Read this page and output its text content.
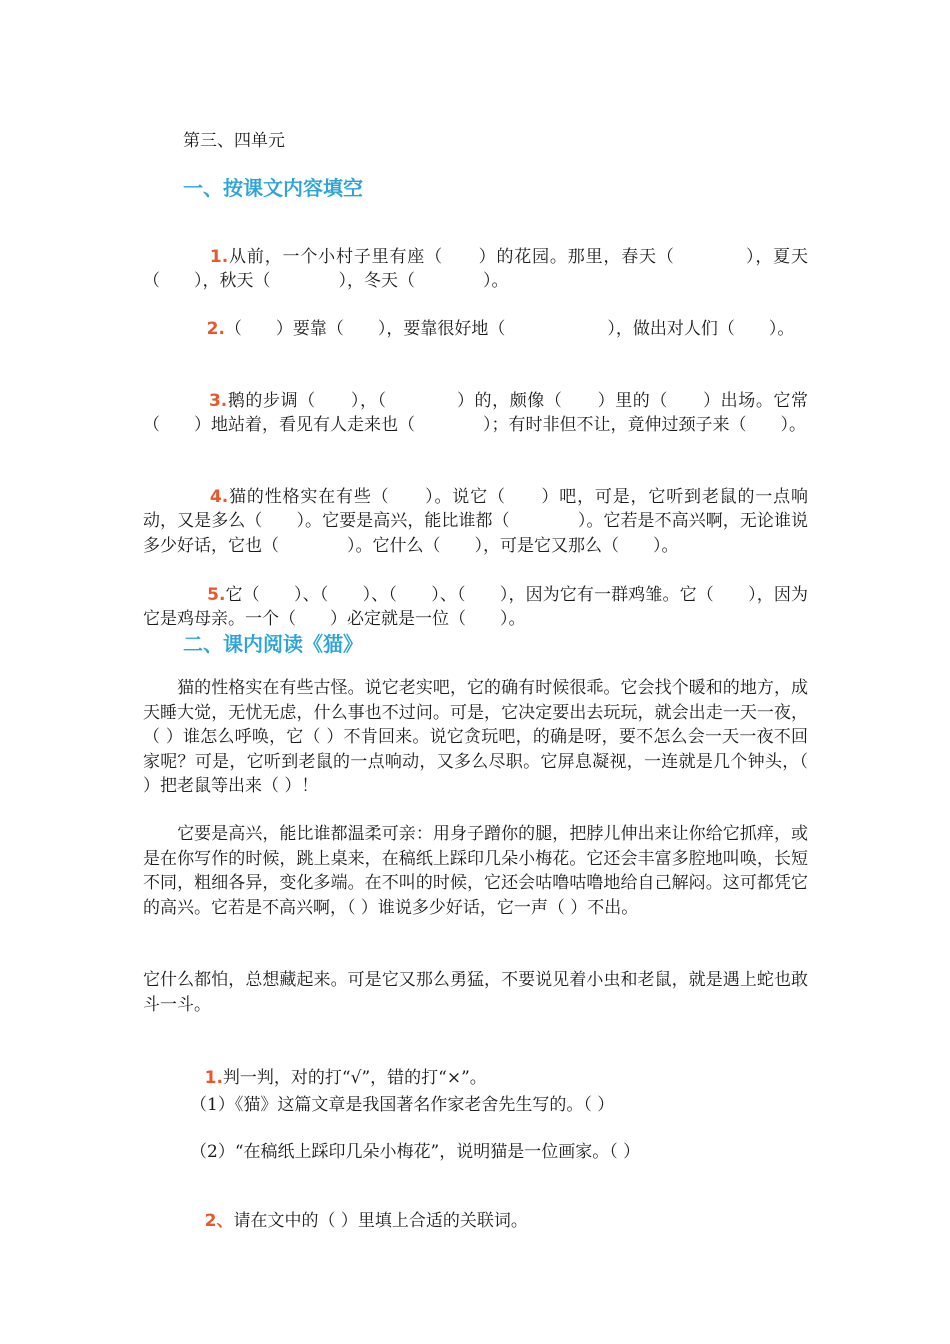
第三、四单元
一、按课文内容填空

1.从前，一个小村子里有座（　　）的花园。那里，春天（　　　　），夏天（　　），秋天（　　　　），冬天（　　　　）。

2.（　　）要靠（　　），要靠很好地（　　　　　　），做出对人们（　　）。

3.鹅的步调（　　），（　　　　）的，颇像（　　）里的（　　）出场。它常（　　）地站着，看见有人走来也（　　　　）；有时非但不让，竟伸过颈子来（　　）。

4.猫的性格实在有些（　　）。说它（　　）吧，可是，它听到老鼠的一点响动，又是多么（　　）。它要是高兴，能比谁都（　　　　）。它若是不高兴啊，无论谁说多少好话，它也（　　　　）。它什么（　　），可是它又那么（　　）。

5.它（　　）、（　　）、（　　）、（　　），因为它有一群鸡雏。它（　　），因为它是鸡母亲。一个（　　）必定就是一位（　　）。

二、课内阅读《猫》
　　猫的性格实在有些古怪。说它老实吧，它的确有时候很乖。它会找个暖和的地方，成天睡大觉，无忧无虑，什么事也不过问。可是，它决定要出去玩玩，就会出走一天一夜，（ ）谁怎么呼唤，它（ ）不肯回来。说它贪玩吧，的确是呀，要不怎么会一天一夜不回家呢？可是，它听到老鼠的一点响动，又多么尽职。它屏息凝视，一连就是几个钟头，（ ）把老鼠等出来（ ）！
　　它要是高兴，能比谁都温柔可亲：用身子蹭你的腿，把脖儿伸出来让你给它抓痒，或是在你写作的时候，跳上桌来，在稿纸上踩印几朵小梅花。它还会丰富多腔地叫唤，长短不同，粗细各异，变化多端。在不叫的时候，它还会咕噜咕噜地给自己解闷。这可都凭它的高兴。它若是不高兴啊，（ ）谁说多少好话，它一声（ ）不出。
它什么都怕，总想藏起来。可是它又那么勇猛，不要说见着小虫和老鼠，就是遇上蛇也敢斗一斗。

1.判一判，对的打“√”，错的打“×”。

（1）《猫》这篇文章是我国著名作家老舍先生写的。（ ）
（2）“在稿纸上踩印几朵小梅花”，说明猫是一位画家。（ ）

2、请在文中的（ ）里填上合适的关联词。
